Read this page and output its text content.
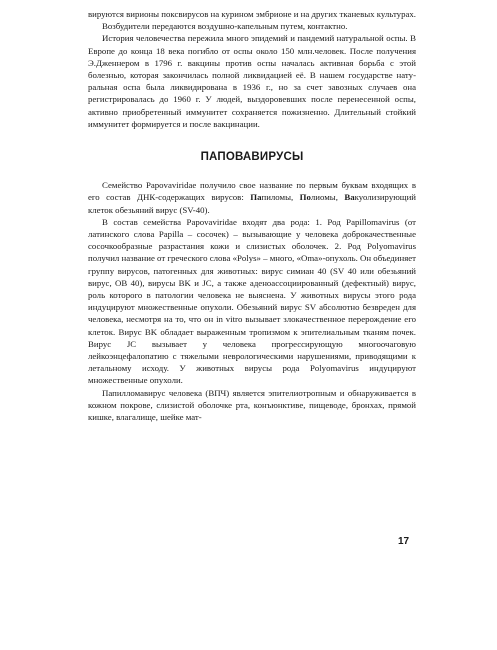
вируются вирионы поксвирусов на курином эмбрионе и на других тканевых культурах.

Возбудители передаются воздушно-капельным путем, контактно.

История человечества пережила много эпидемий и пандемий натуральной оспы. В Европе до конца 18 века погибло от оспы около 150 млн.человек. После получения Э.Дженнером в 1796 г. вакцины против оспы началась активная борьба с этой болезнью, которая закончилась полной ликвидацией её. В нашем государстве натуральная оспа была ликвидирована в 1936 г., но за счет завозных случаев она регистрировалась до 1960 г. У людей, выздоровевших после перенесенной оспы, активно приобретенный иммунитет сохраняется пожизненно. Длительный стойкий иммунитет формируется и после вакцинации.

ПАПОВАВИРУСЫ

Семейство Papovaviridae получило свое название по первым буквам входящих в его состав ДНК-содержащих вирусов: Папиломы, Полиомы, Вакуолизирующий клеток обезьяний вирус (SV-40).

В состав семейства Papovaviridae входят два рода: 1. Род Papillomavirus (от латинского слова Papilla – сосочек) – вызывающие у человека доброкачественные сосочкообразные разрастания кожи и слизистых оболочек. 2. Род Polyomavirus получил название от греческого слова «Polys» – много, «Oma»-опухоль. Он объединяет группу вирусов, патогенных для животных: вирус симиан 40 (SV 40 или обезьяний вирус, OB 40), вирусы BK и JC, а также аденоассоциированный (дефектный) вирус, роль которого в патологии человека не выяснена. У животных вирусы этого рода индуцируют множественные опухоли. Обезьяний вирус SV абсолютно безвреден для человека, несмотря на то, что он in vitro вызывает злокачественное перерождение его клеток. Вирус BK обладает выраженным тропизмом к эпителиальным тканям почек. Вирус JC вызывает у человека прогрессирующую многоочаговую лейкоэнцефалопатию с тяжелыми неврологическими нарушениями, приводящими к летальному исходу. У животных вирусы рода Polyomavirus индуцируют множественные опухоли.

Папилломавирус человека (ВПЧ) является эпителиотропным и обнаруживается в кожном покрове, слизистой оболочке рта, конъюнктиве, пищеводе, бронхах, прямой кишке, влагалище, шейке мат-

17
